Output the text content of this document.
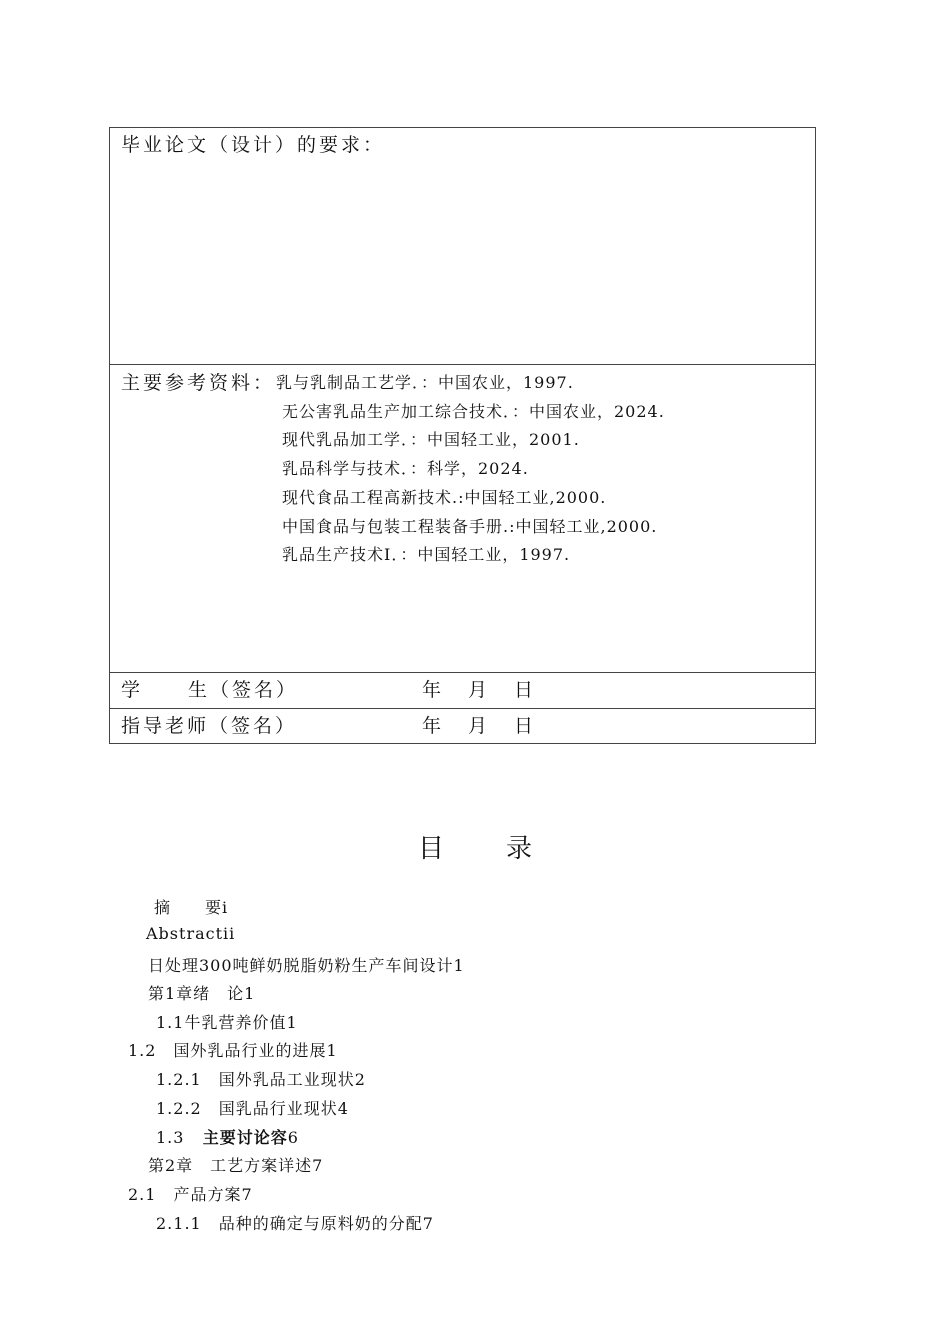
毕业论文（设计）的要求：
主要参考资料： 乳与乳制品工艺学．：中国农业，1997.
无公害乳品生产加工综合技术．：中国农业，2024.
现代乳品加工学．：中国轻工业，2001.
乳品科学与技术．：科学，2024.
现代食品工程高新技术.:中国轻工业,2000.
中国食品与包装工程装备手册.:中国轻工业,2000.
乳品生产技术Ⅰ．：中国轻工业，1997.
学 生（签名）	年 月 日
指导老师（签名）	年 月 日
目 录
摘　　要i
Abstractii
日处理300吨鲜奶脱脂奶粉生产车间设计1
第1章绪　论1
1.1牛乳营养价值1
1.2　国外乳品行业的进展1
1.2.1　国外乳品工业现状2
1.2.2　国乳品行业现状4
1.3 主要讨论容6
第2章　工艺方案详述7
2.1　产品方案7
2.1.1　品种的确定与原料奶的分配7
